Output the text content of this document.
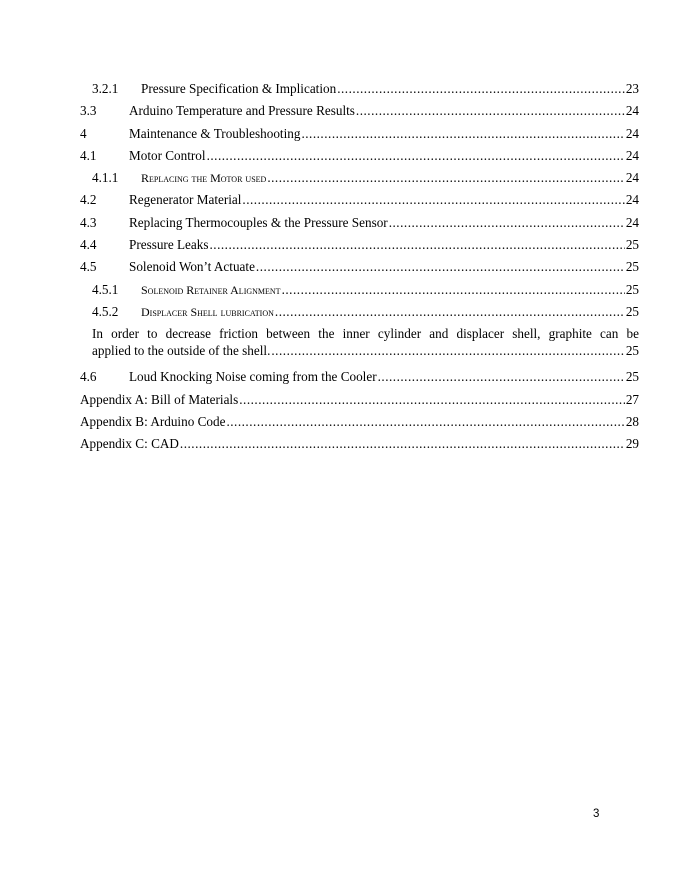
3.2.1 Pressure Specification & Implication .....	23
3.3 Arduino Temperature and Pressure Results .....	24
4	Maintenance & Troubleshooting .....	24
4.1 Motor Control .....	24
4.1.1 Replacing the Motor used .....	24
4.2 Regenerator Material .....	24
4.3 Replacing Thermocouples & the Pressure Sensor .....	24
4.4 Pressure Leaks .....	25
4.5 Solenoid Won’t Actuate .....	25
4.5.1 Solenoid Retainer Alignment .....	25
4.5.2 Displacer Shell lubrication .....	25
In order to decrease friction between the inner cylinder and displacer shell, graphite can be
applied to the outside of the shell. .....	25
4.6 Loud Knocking Noise coming from the Cooler .....	25
Appendix A: Bill of Materials .....	27
Appendix B: Arduino Code .....	28
Appendix C: CAD .....	29
3
